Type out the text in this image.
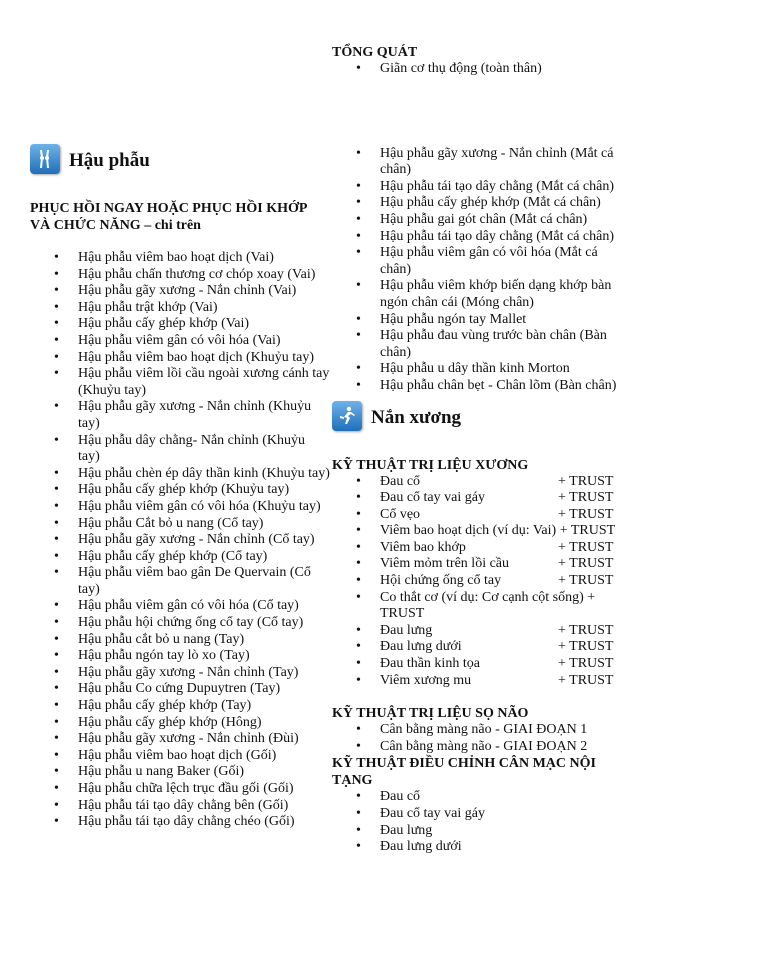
Hậu phẫu

PHỤC HỒI NGAY HOẶC PHỤC HỒI KHỚP VÀ CHỨC NĂNG – chi trên

• Hậu phẫu viêm bao hoạt dịch (Vai)
• Hậu phẫu chấn thương cơ chóp xoay (Vai)
• Hậu phẫu gãy xương - Nắn chỉnh (Vai)
• Hậu phẫu trật khớp (Vai)
• Hậu phẫu cấy ghép khớp (Vai)
• Hậu phẫu viêm gân có vôi hóa (Vai)
• Hậu phẫu viêm bao hoạt dịch (Khuỷu tay)
• Hậu phẫu viêm lồi cầu ngoài xương cánh tay (Khuỷu tay)
• Hậu phẫu gãy xương - Nắn chỉnh (Khuỷu tay)
• Hậu phẫu dây chằng- Nắn chỉnh (Khuỷu tay)
• Hậu phẫu chèn ép dây thần kinh (Khuỷu tay)
• Hậu phẫu cấy ghép khớp (Khuỷu tay)
• Hậu phẫu viêm gân có vôi hóa (Khuỷu tay)
• Hậu phẫu Cắt bỏ u nang (Cổ tay)
• Hậu phẫu gãy xương - Nắn chỉnh (Cổ tay)
• Hậu phẫu cấy ghép khớp (Cổ tay)
• Hậu phẫu viêm bao gân De Quervain (Cổ tay)
• Hậu phẫu viêm gân có vôi hóa (Cổ tay)
• Hậu phẫu hội chứng ống cổ tay (Cổ tay)
• Hậu phẫu cắt bỏ u nang (Tay)
• Hậu phẫu ngón tay lò xo (Tay)
• Hậu phẫu gãy xương - Nắn chỉnh (Tay)
• Hậu phẫu Co cứng Dupuytren (Tay)
• Hậu phẫu cấy ghép khớp (Tay)
• Hậu phẫu cấy ghép khớp (Hông)
• Hậu phẫu gãy xương - Nắn chỉnh (Đùi)
• Hậu phẫu viêm bao hoạt dịch (Gối)
• Hậu phẫu u nang Baker (Gối)
• Hậu phẫu chữa lệch trục đầu gối (Gối)
• Hậu phẫu tái tạo dây chằng bên (Gối)
• Hậu phẫu tái tạo dây chằng chéo (Gối)

TỔNG QUÁT

• Giãn cơ thụ động (toàn thân)
• Hậu phẫu gãy xương - Nắn chỉnh (Mắt cá chân)
• Hậu phẫu tái tạo dây chằng (Mắt cá chân)
• Hậu phẫu cấy ghép khớp (Mắt cá chân)
• Hậu phẫu gai gót chân (Mắt cá chân)
• Hậu phẫu tái tạo dây chằng (Mắt cá chân)
• Hậu phẫu viêm gân có vôi hóa (Mắt cá chân)
• Hậu phẫu viêm khớp biến dạng khớp bàn ngón chân cái (Móng chân)
• Hậu phẫu ngón tay Mallet
• Hậu phẫu đau vùng trước bàn chân (Bàn chân)
• Hậu phẫu u dây thần kinh Morton
• Hậu phẫu chân bẹt - Chân lõm (Bàn chân)
Nắn xương

KỸ THUẬT TRỊ LIỆU XƯƠNG

• Đau cổ	+ TRUST
• Đau cổ tay vai gáy	+ TRUST
• Cổ vẹo	+ TRUST
• Viêm bao hoạt dịch (ví dụ: Vai) + TRUST
• Viêm bao khớp	+ TRUST
• Viêm mỏm trên lồi cầu	+ TRUST
• Hội chứng ống cổ tay	+ TRUST
• Co thắt cơ (ví dụ: Cơ cạnh cột sống) + TRUST
• Đau lưng	+ TRUST
• Đau lưng dưới	+ TRUST
• Đau thần kinh tọa	+ TRUST
• Viêm xương mu	+ TRUST

KỸ THUẬT TRỊ LIỆU SỌ NÃO

• Cân bằng màng não - GIAI ĐOẠN 1
• Cân bằng màng não - GIAI ĐOẠN 2

KỸ THUẬT ĐIỀU CHỈNH CÂN MẠC NỘI TẠNG

• Đau cổ
• Đau cổ tay vai gáy
• Đau lưng
• Đau lưng dưới
